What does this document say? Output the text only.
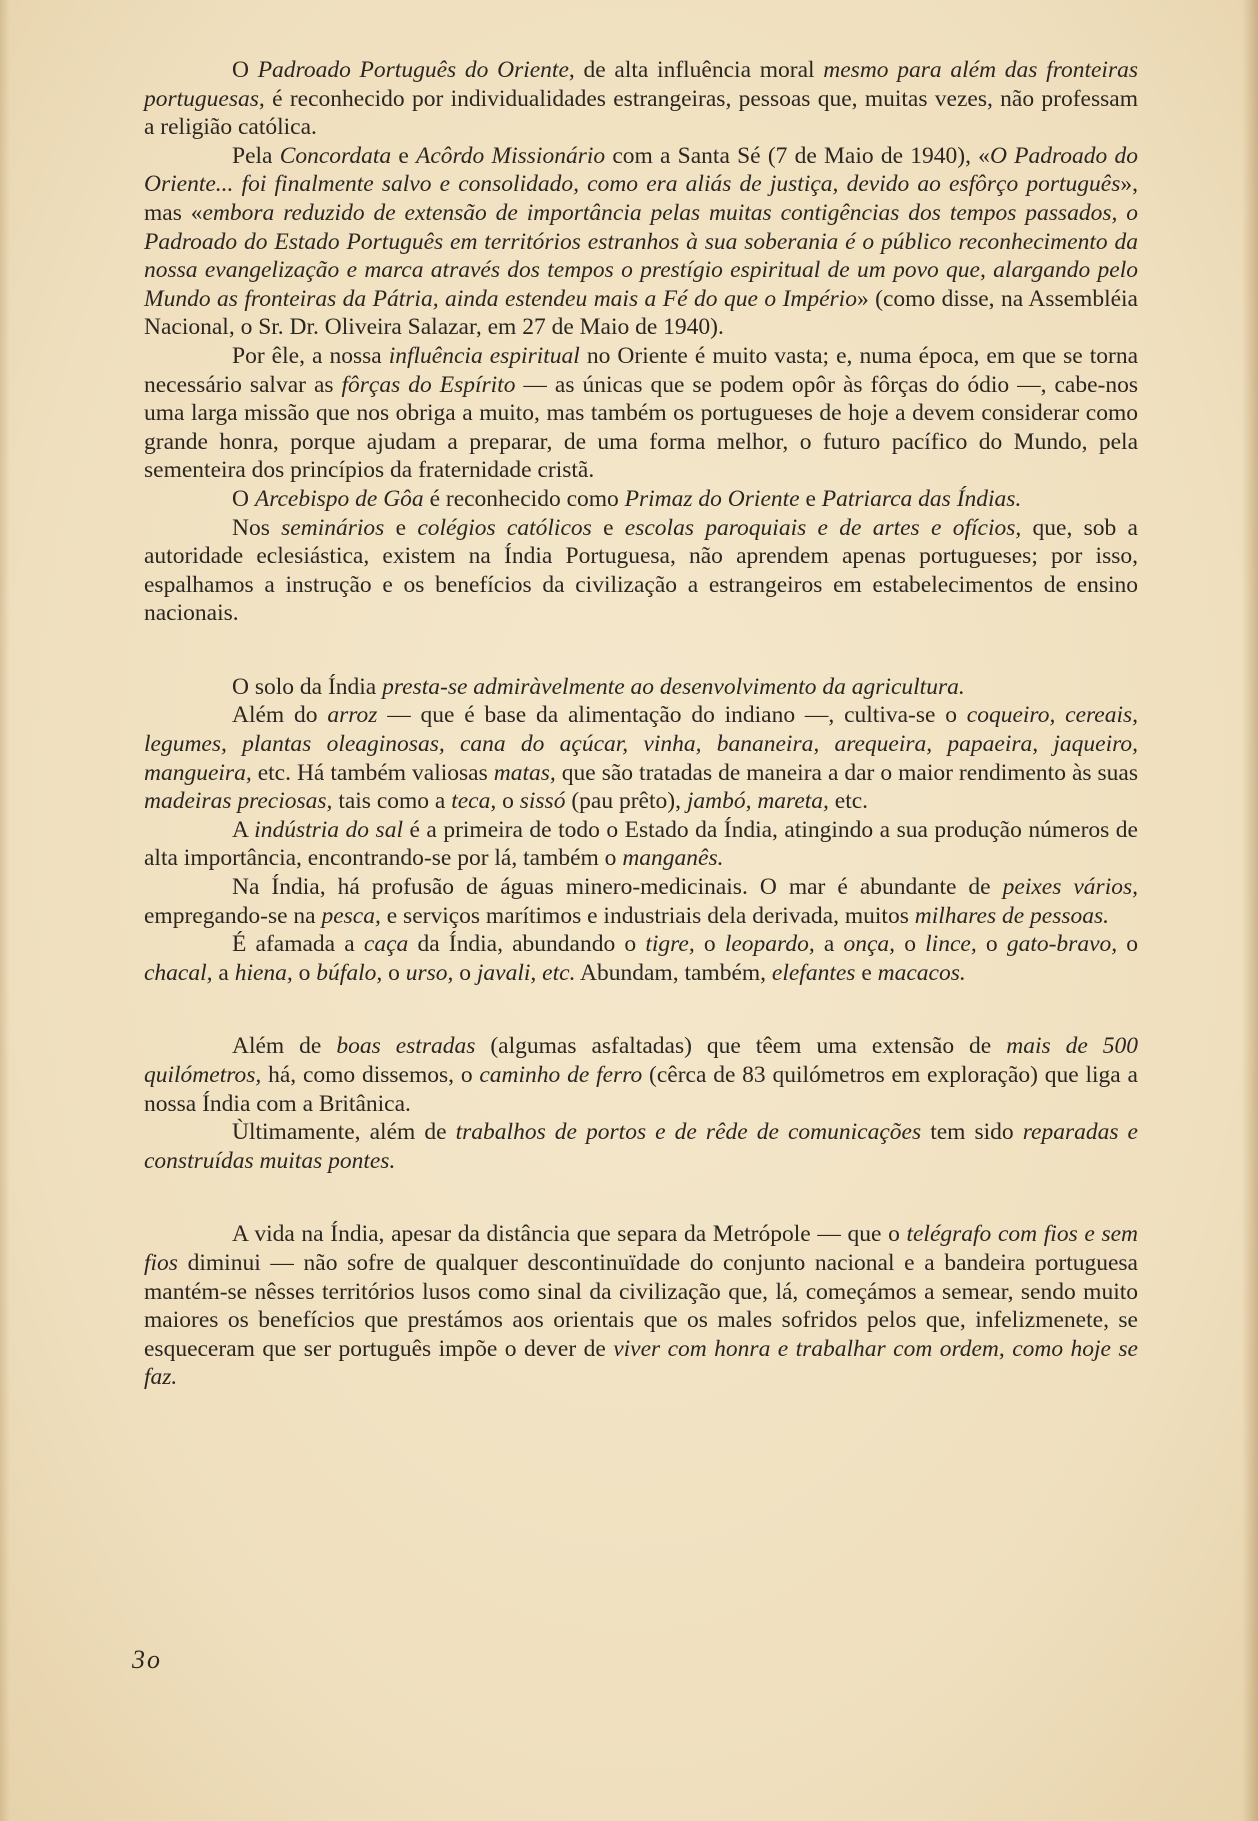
O Padroado Português do Oriente, de alta influência moral mesmo para além das fronteiras portuguesas, é reconhecido por individualidades estrangeiras, pessoas que, muitas vezes, não professam a religião católica.

Pela Concordata e Acôrdo Missionário com a Santa Sé (7 de Maio de 1940), «O Padroado do Oriente... foi finalmente salvo e consolidado, como era aliás de justiça, devido ao esfôrço português», mas «embora reduzido de extensão de importância pelas muitas contigências dos tempos passados, o Padroado do Estado Português em territórios estranhos à sua soberania é o público reconhecimento da nossa evangelização e marca através dos tempos o prestígio espiritual de um povo que, alargando pelo Mundo as fronteiras da Pátria, ainda estendeu mais a Fé do que o Império» (como disse, na Assembléia Nacional, o Sr. Dr. Oliveira Salazar, em 27 de Maio de 1940).

Por êle, a nossa influência espiritual no Oriente é muito vasta; e, numa época, em que se torna necessário salvar as fôrças do Espírito — as únicas que se podem opôr às fôrças do ódio —, cabe-nos uma larga missão que nos obriga a muito, mas também os portugueses de hoje a devem considerar como grande honra, porque ajudam a preparar, de uma forma melhor, o futuro pacífico do Mundo, pela sementeira dos princípios da fraternidade cristã.

O Arcebispo de Gôa é reconhecido como Primaz do Oriente e Patriarca das Índias.

Nos seminários e colégios católicos e escolas paroquiais e de artes e ofícios, que, sob a autoridade eclesiástica, existem na Índia Portuguesa, não aprendem apenas portugueses; por isso, espalhamos a instrução e os benefícios da civilização a estrangeiros em estabelecimentos de ensino nacionais.

O solo da Índia presta-se admiràvelmente ao desenvolvimento da agricultura.

Além do arroz — que é base da alimentação do indiano —, cultiva-se o coqueiro, cereais, legumes, plantas oleaginosas, cana do açúcar, vinha, bananeira, arequeira, papaeira, jaqueiro, mangueira, etc. Há também valiosas matas, que são tratadas de maneira a dar o maior rendimento às suas madeiras preciosas, tais como a teca, o sissó (pau prêto), jambó, mareta, etc.

A indústria do sal é a primeira de todo o Estado da Índia, atingindo a sua produção números de alta importância, encontrando-se por lá, também o manganês.

Na Índia, há profusão de águas minero-medicinais. O mar é abundante de peixes vários, empregando-se na pesca, e serviços marítimos e industriais dela derivada, muitos milhares de pessoas.

É afamada a caça da Índia, abundando o tigre, o leopardo, a onça, o lince, o gato-bravo, o chacal, a hiena, o búfalo, o urso, o javali, etc. Abundam, também, elefantes e macacos.

Além de boas estradas (algumas asfaltadas) que têem uma extensão de mais de 500 quilómetros, há, como dissemos, o caminho de ferro (cêrca de 83 quilómetros em exploração) que liga a nossa Índia com a Britânica.

Ùltimamente, além de trabalhos de portos e de rêde de comunicações tem sido reparadas e construídas muitas pontes.

A vida na Índia, apesar da distância que separa da Metrópole — que o telégrafo com fios e sem fios diminui — não sofre de qualquer descontinuïdade do conjunto nacional e a bandeira portuguesa mantém-se nêsses territórios lusos como sinal da civilização que, lá, começámos a semear, sendo muito maiores os benefícios que prestámos aos orientais que os males sofridos pelos que, infelizmenete, se esqueceram que ser português impõe o dever de viver com honra e trabalhar com ordem, como hoje se faz.

3o
